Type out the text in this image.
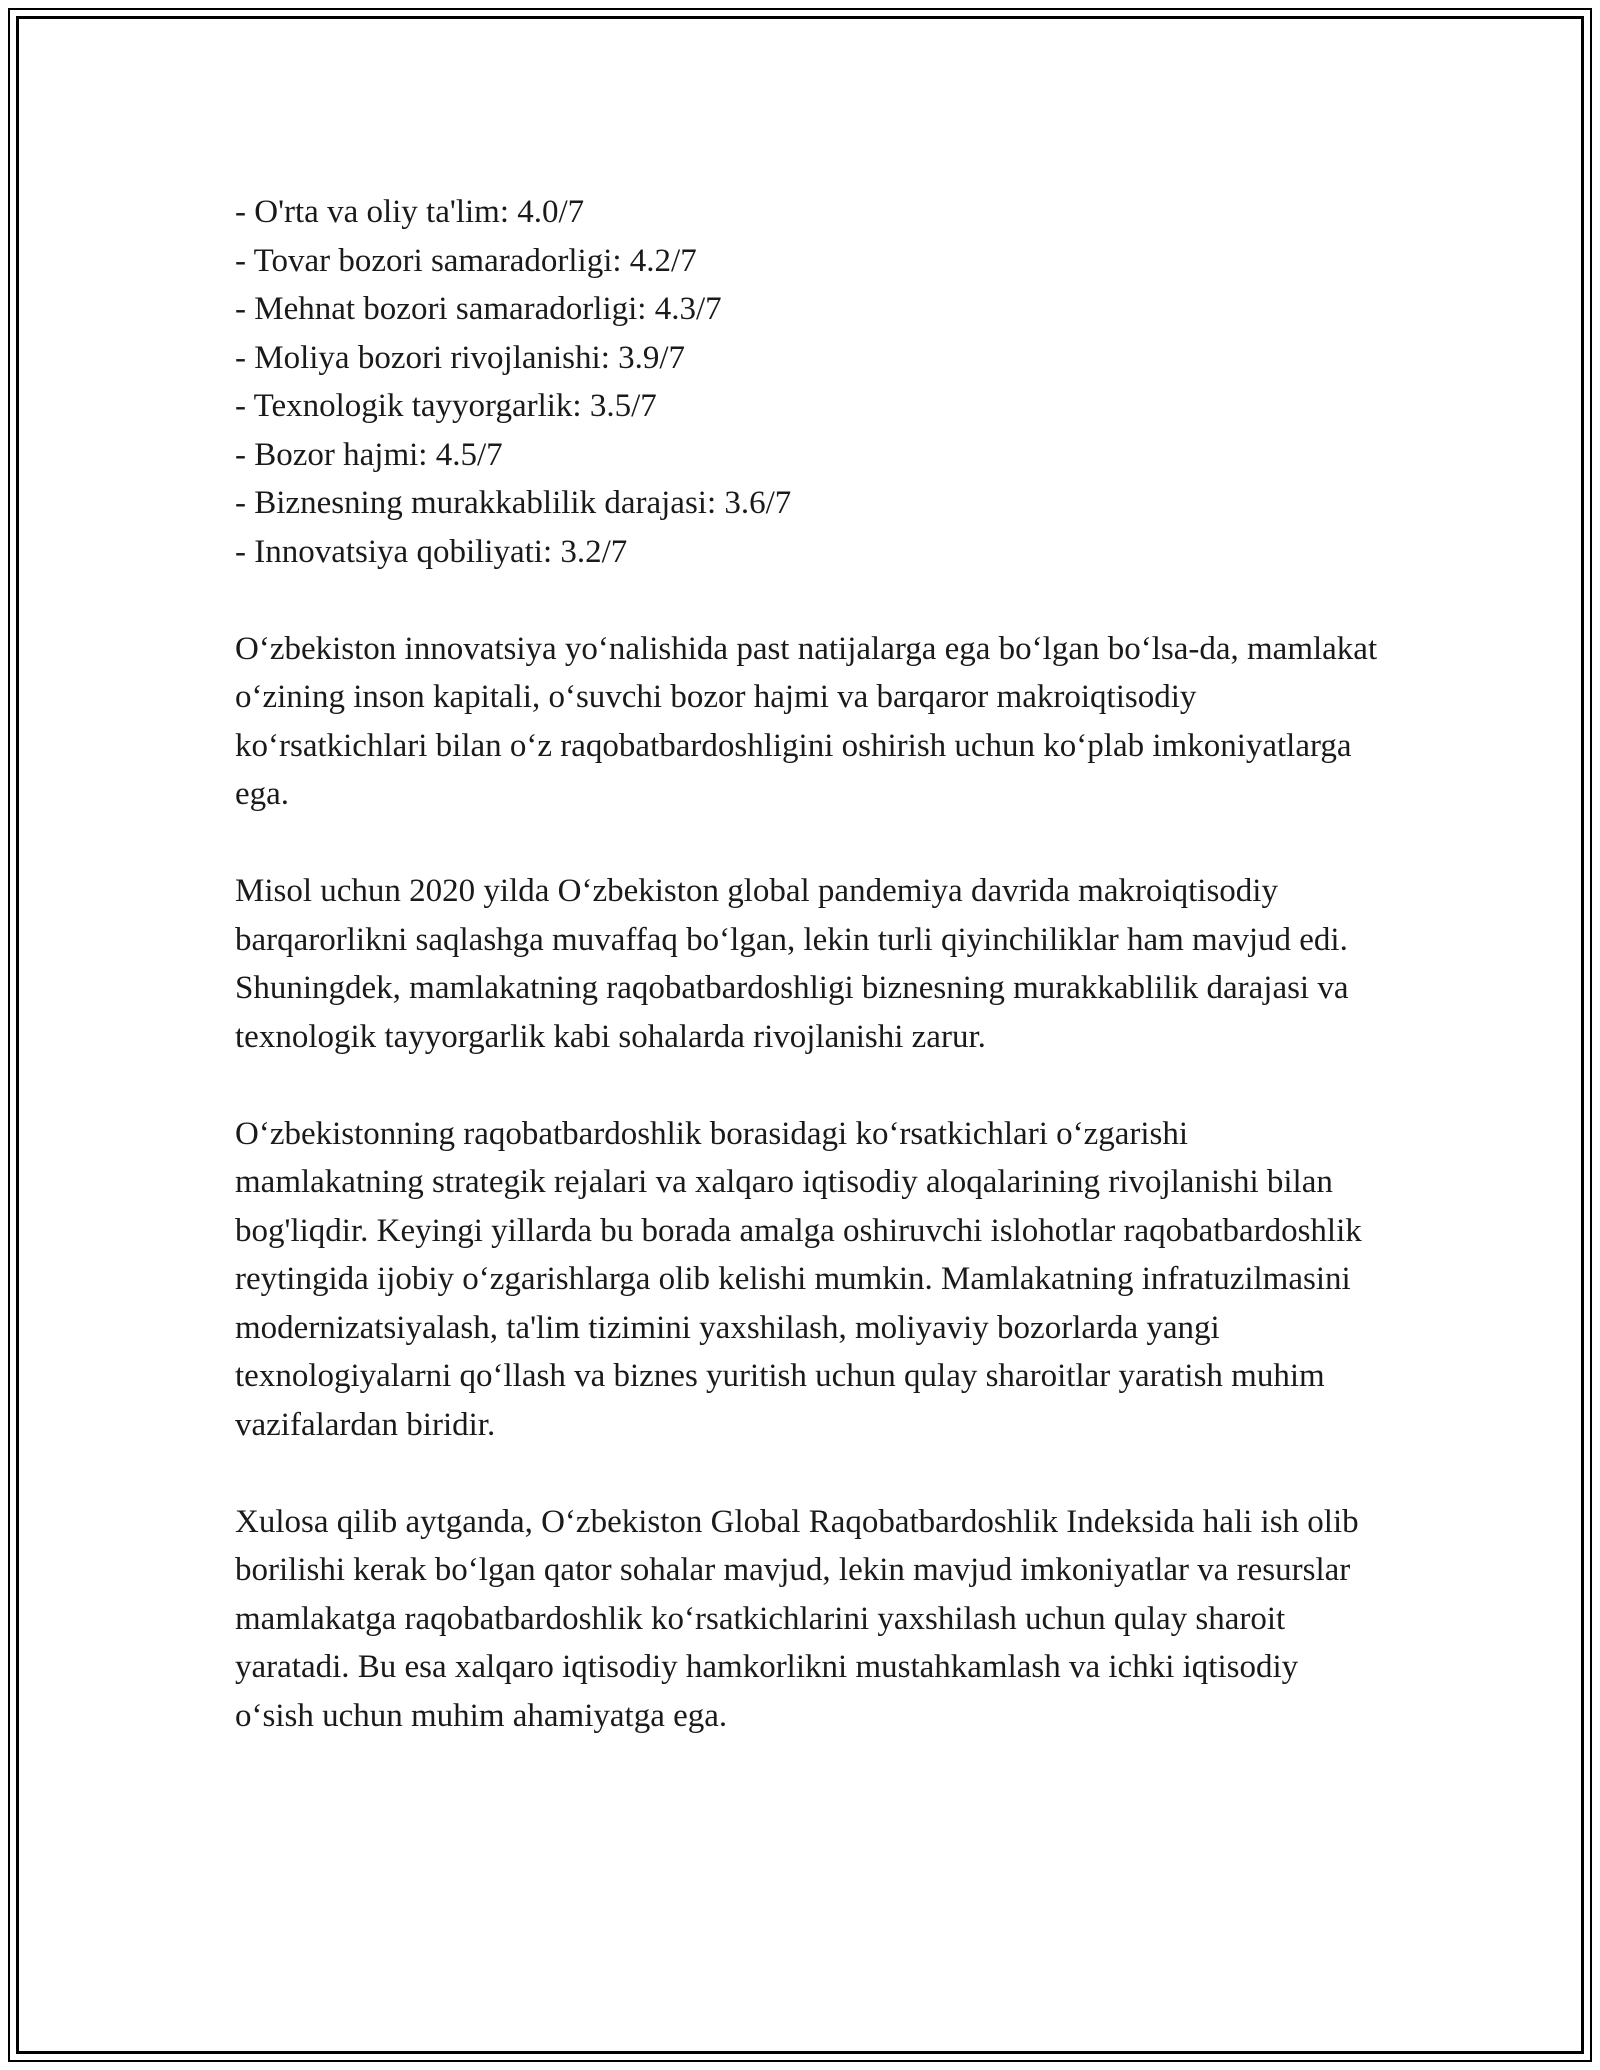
- O'rta va oliy ta'lim: 4.0/7
- Tovar bozori samaradorligi: 4.2/7
- Mehnat bozori samaradorligi: 4.3/7
- Moliya bozori rivojlanishi: 3.9/7
- Texnologik tayyorgarlik: 3.5/7
- Bozor hajmi: 4.5/7
- Biznesning murakkablilik darajasi: 3.6/7
- Innovatsiya qobiliyati: 3.2/7

O‘zbekiston innovatsiya yo‘nalishida past natijalarga ega bo‘lgan bo‘lsa-da, mamlakat o‘zining inson kapitali, o‘suvchi bozor hajmi va barqaror makroiqtisodiy ko‘rsatkichlari bilan o‘z raqobatbardoshligini oshirish uchun ko‘plab imkoniyatlarga ega.

Misol uchun 2020 yilda O‘zbekiston global pandemiya davrida makroiqtisodiy barqarorlikni saqlashga muvaffaq bo‘lgan, lekin turli qiyinchiliklar ham mavjud edi. Shuningdek, mamlakatning raqobatbardoshligi biznesning murakkablilik darajasi va texnologik tayyorgarlik kabi sohalarda rivojlanishi zarur.

O‘zbekistonning raqobatbardoshlik borasidagi ko‘rsatkichlari o‘zgarishi mamlakatning strategik rejalari va xalqaro iqtisodiy aloqalarining rivojlanishi bilan bog'liqdir. Keyingi yillarda bu borada amalga oshiruvchi islohotlar raqobatbardoshlik reytingida ijobiy o‘zgarishlarga olib kelishi mumkin. Mamlakatning infratuzilmasini modernizatsiyalash, ta'lim tizimini yaxshilash, moliyaviy bozorlarda yangi texnologiyalarni qo‘llash va biznes yuritish uchun qulay sharoitlar yaratish muhim vazifalardan biridir.

Xulosa qilib aytganda, O‘zbekiston Global Raqobatbardoshlik Indeksida hali ish olib borilishi kerak bo‘lgan qator sohalar mavjud, lekin mavjud imkoniyatlar va resurslar mamlakatga raqobatbardoshlik ko‘rsatkichlarini yaxshilash uchun qulay sharoit yaratadi. Bu esa xalqaro iqtisodiy hamkorlikni mustahkamlash va ichki iqtisodiy o‘sish uchun muhim ahamiyatga ega.
